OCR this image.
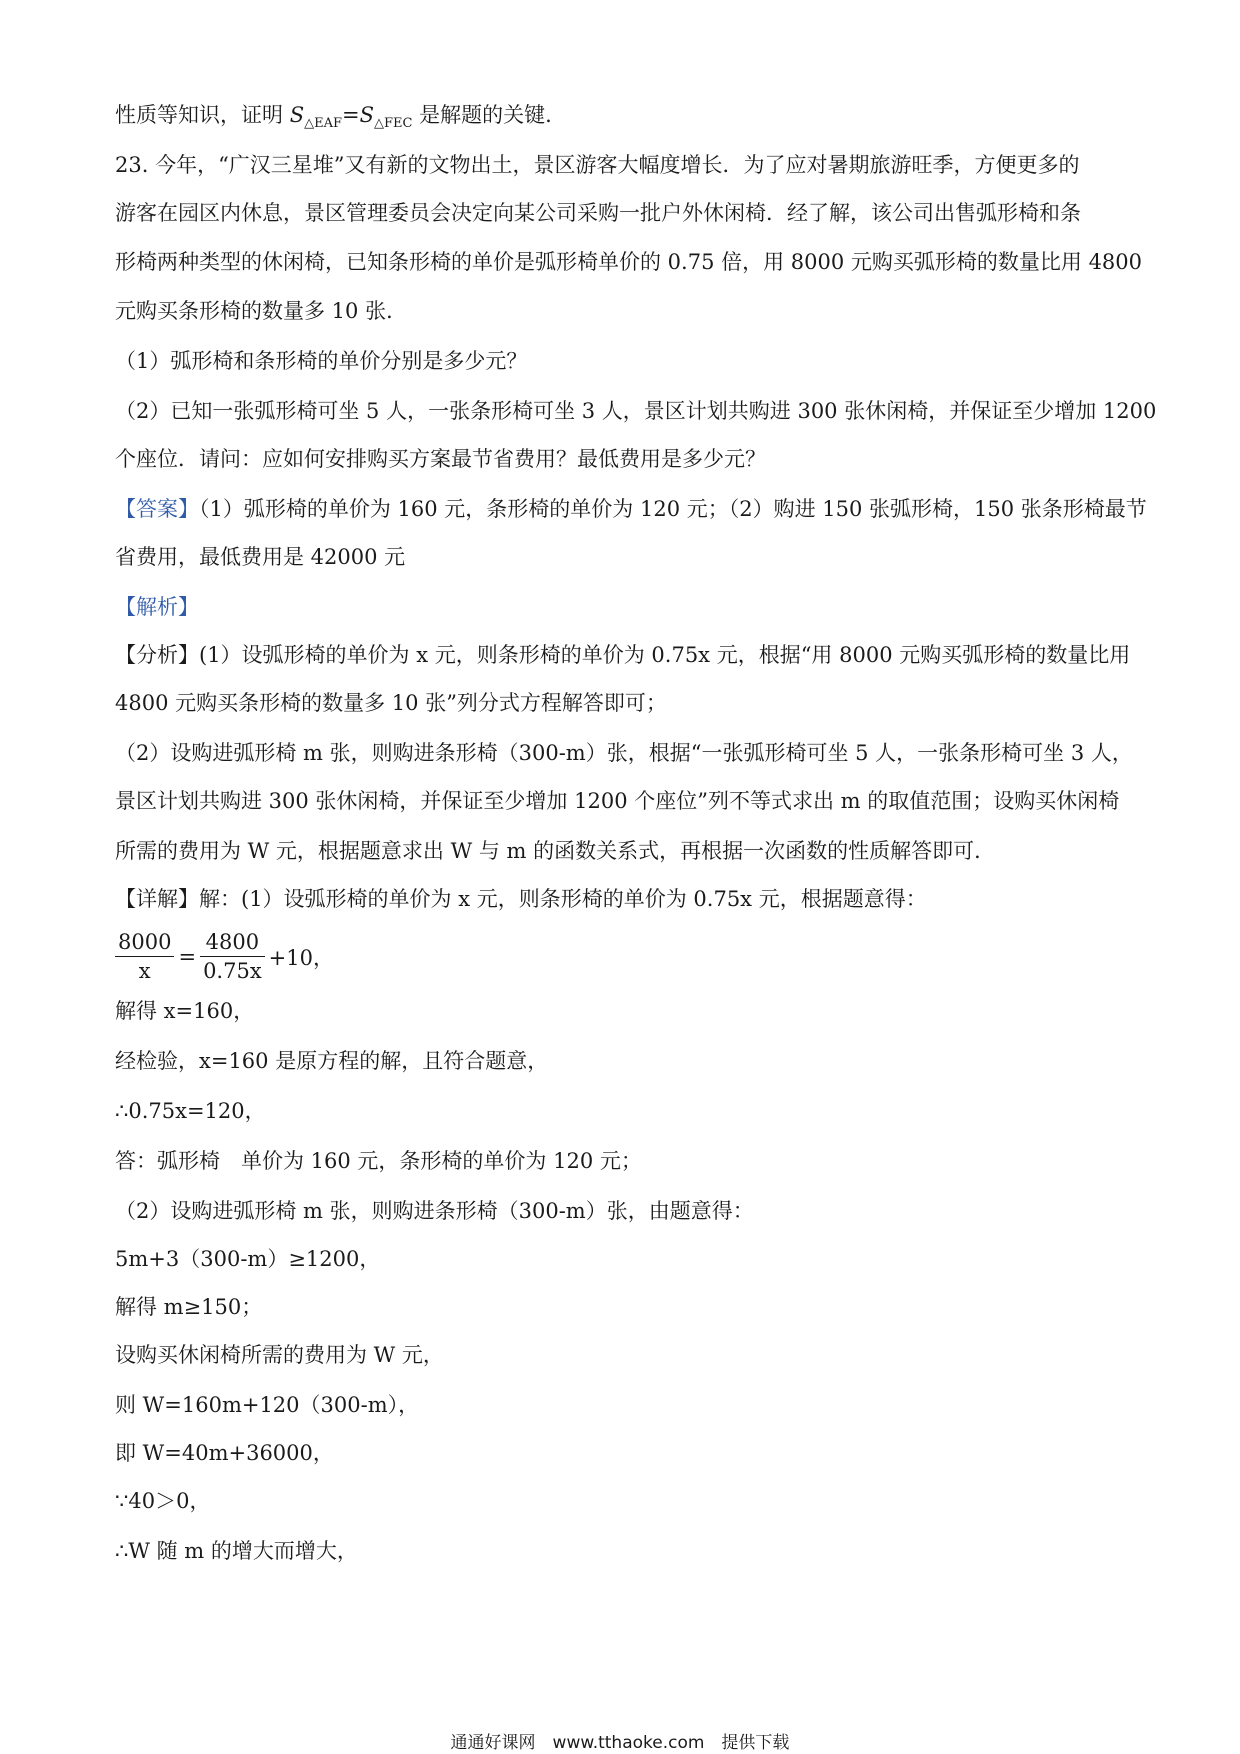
性质等知识，证明 $S_{\triangle EAF}=S_{\triangle FEC}$ 是解题的关键.
23. 今年，“广汉三星堆”又有新的文物出土，景区游客大幅度增长．为了应对暑期旅游旺季，方便更多的
游客在园区内休息，景区管理委员会决定向某公司采购一批户外休闲椅．经了解，该公司出售弧形椅和条
形椅两种类型的休闲椅，已知条形椅的单价是弧形椅单价的 0.75 倍，用 8000 元购买弧形椅的数量比用 4800
元购买条形椅的数量多 10 张．
（1）弧形椅和条形椅的单价分别是多少元？
（2）已知一张弧形椅可坐 5 人，一张条形椅可坐 3 人，景区计划共购进 300 张休闲椅，并保证至少增加 1200
个座位．请问：应如何安排购买方案最节省费用？最低费用是多少元？
【答案】（1）弧形椅的单价为 160 元，条形椅的单价为 120 元；（2）购进 150 张弧形椅，150 张条形椅最节
省费用，最低费用是 42000 元
【解析】
【分析】(1）设弧形椅的单价为 x 元，则条形椅的单价为 0.75x 元，根据“用 8000 元购买弧形椅的数量比用
4800 元购买条形椅的数量多 10 张”列分式方程解答即可；
（2）设购进弧形椅 m 张，则购进条形椅（300-m）张，根据“一张弧形椅可坐 5 人，一张条形椅可坐 3 人，
景区计划共购进 300 张休闲椅，并保证至少增加 1200 个座位”列不等式求出 m 的取值范围；设购买休闲椅
所需的费用为 W 元，根据题意求出 W 与 m 的函数关系式，再根据一次函数的性质解答即可．
【详解】解：(1）设弧形椅的单价为 x 元，则条形椅的单价为 0.75x 元，根据题意得：
$\frac{8000}{x} = \frac{4800}{0.75x} +10$，
解得 x=160，
经检验，x=160 是原方程的解，且符合题意，
∴0.75x=120，
答：弧形椅　单价为 160 元，条形椅的单价为 120 元；
（2）设购进弧形椅 m 张，则购进条形椅（300-m）张，由题意得：
5m+3（300-m）≥1200，
解得 m≥150；
设购买休闲椅所需的费用为 W 元，
则 W=160m+120（300-m），
即 W=40m+36000，
∵40＞0，
∴W 随 m 的增大而增大，
通通好课网　www.tthaoke.com　提供下载
